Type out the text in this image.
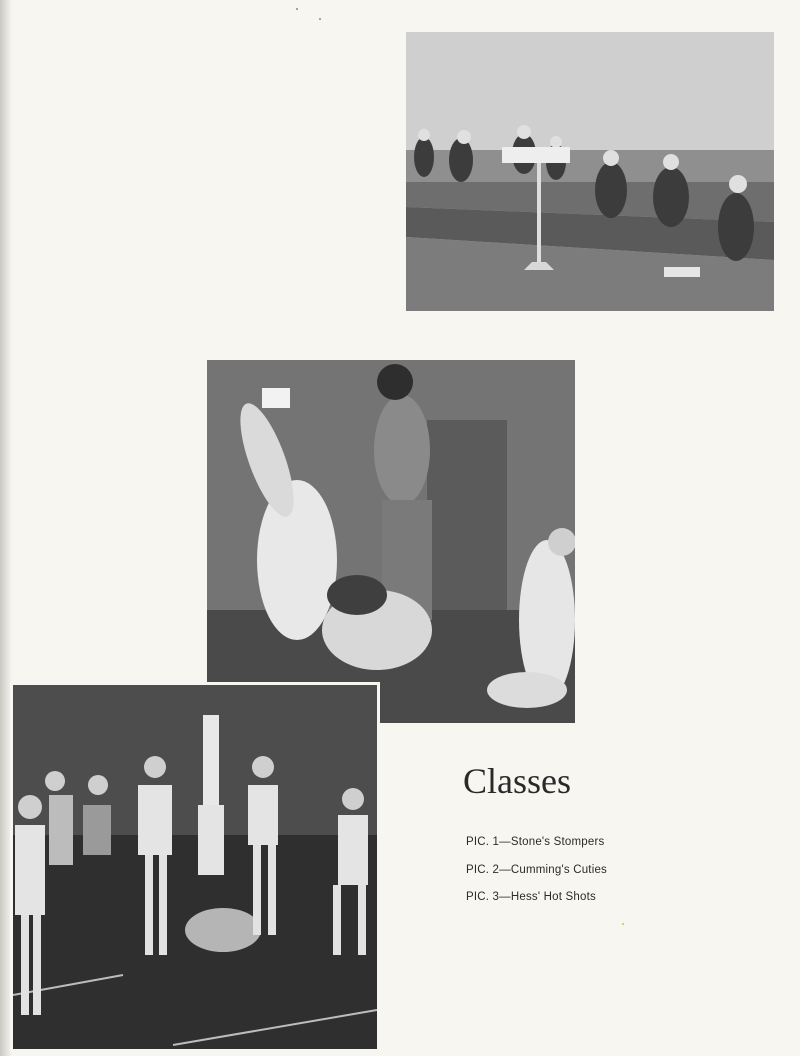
Classes
PIC. 1—Stone's Stompers
PIC. 2—Cumming's Cuties
PIC. 3—Hess' Hot Shots
